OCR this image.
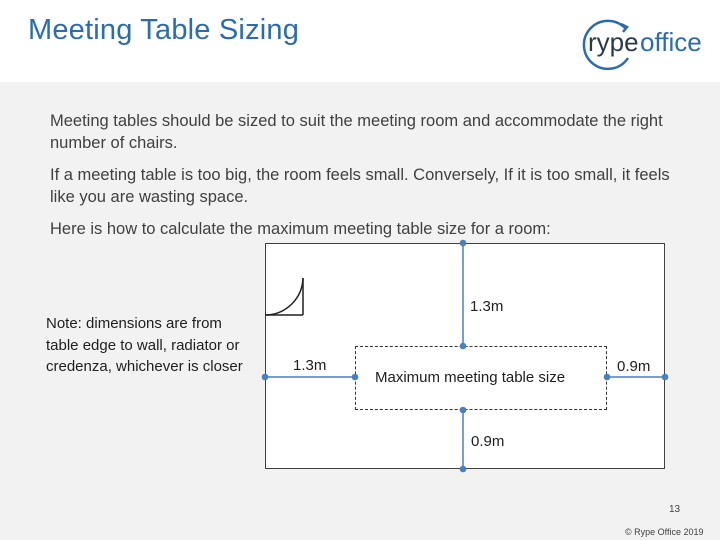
Meeting Table Sizing	rype office
Meeting tables should be sized to suit the meeting room and accommodate the right number of chairs.
If a meeting table is too big, the room feels small. Conversely, If it is too small, it feels like you are wasting space.
Here is how to calculate the maximum meeting table size for a room:
Note: dimensions are from table edge to wall, radiator or credenza, whichever is closer
Maximum meeting table size
1.3m
1.3m	0.9m
0.9m
13
© Rype Office 2019
